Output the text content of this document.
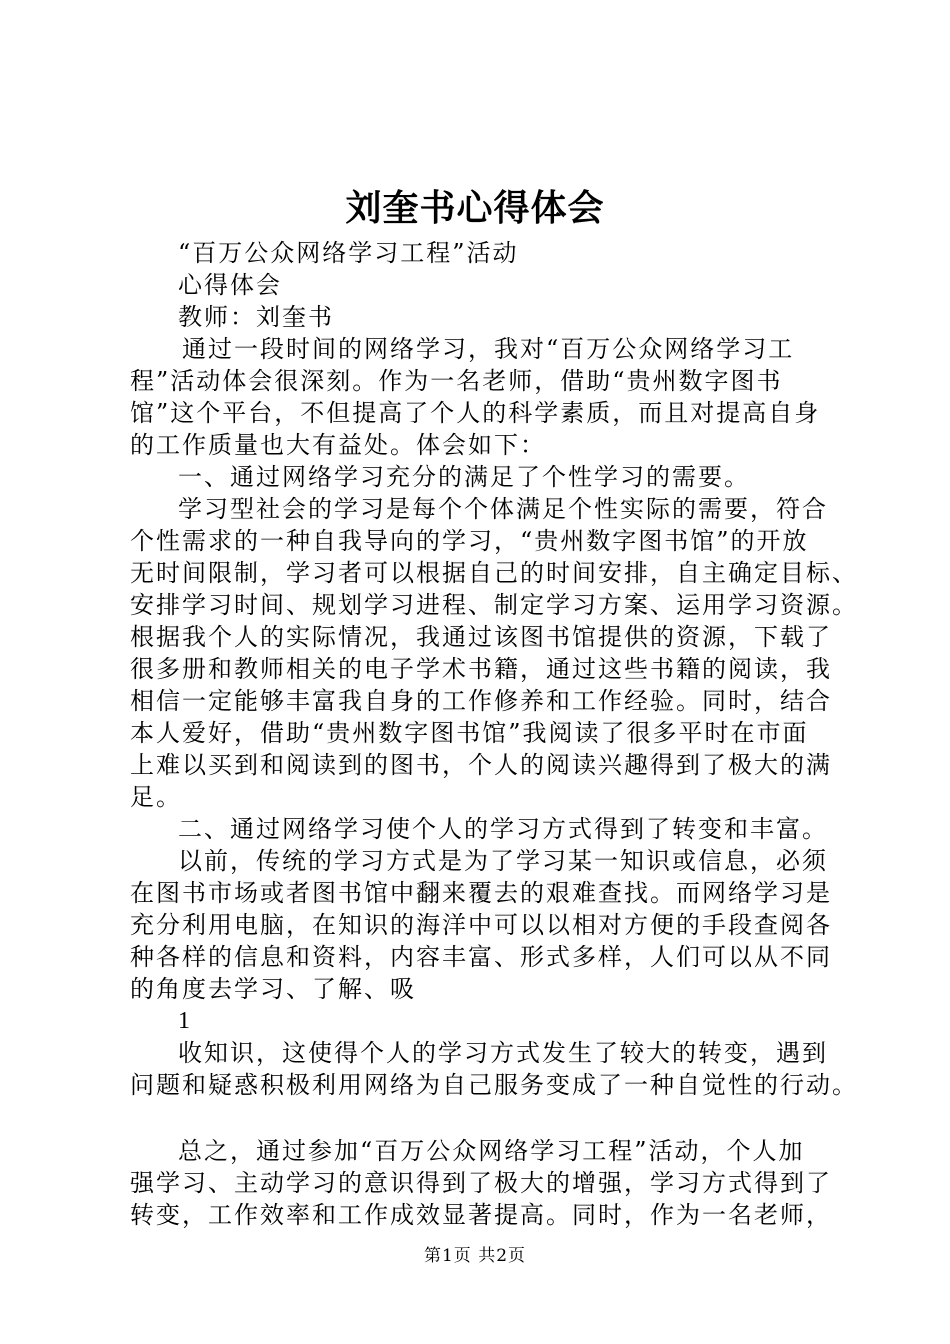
刘奎书心得体会
“百万公众网络学习工程”活动
心得体会
教师：刘奎书
通过一段时间的网络学习，我对“百万公众网络学习工
程”活动体会很深刻。作为一名老师，借助“贵州数字图书
馆”这个平台，不但提高了个人的科学素质，而且对提高自身
的工作质量也大有益处。体会如下：
一、通过网络学习充分的满足了个性学习的需要。
学习型社会的学习是每个个体满足个性实际的需要，符合
个性需求的一种自我导向的学习，“贵州数字图书馆”的开放
无时间限制，学习者可以根据自己的时间安排，自主确定目标、
安排学习时间、规划学习进程、制定学习方案、运用学习资源。
根据我个人的实际情况，我通过该图书馆提供的资源，下载了
很多册和教师相关的电子学术书籍，通过这些书籍的阅读，我
相信一定能够丰富我自身的工作修养和工作经验。同时，结合
本人爱好，借助“贵州数字图书馆”我阅读了很多平时在市面
上难以买到和阅读到的图书，个人的阅读兴趣得到了极大的满
足。
二、通过网络学习使个人的学习方式得到了转变和丰富。
以前，传统的学习方式是为了学习某一知识或信息，必须
在图书市场或者图书馆中翻来覆去的艰难查找。而网络学习是
充分利用电脑，在知识的海洋中可以以相对方便的手段查阅各
种各样的信息和资料，内容丰富、形式多样，人们可以从不同
的角度去学习、了解、吸
1
收知识，这使得个人的学习方式发生了较大的转变，遇到
问题和疑惑积极利用网络为自己服务变成了一种自觉性的行动。
总之，通过参加“百万公众网络学习工程”活动，个人加
强学习、主动学习的意识得到了极大的增强，学习方式得到了
转变，工作效率和工作成效显著提高。同时，作为一名老师，
第1页 共2页
